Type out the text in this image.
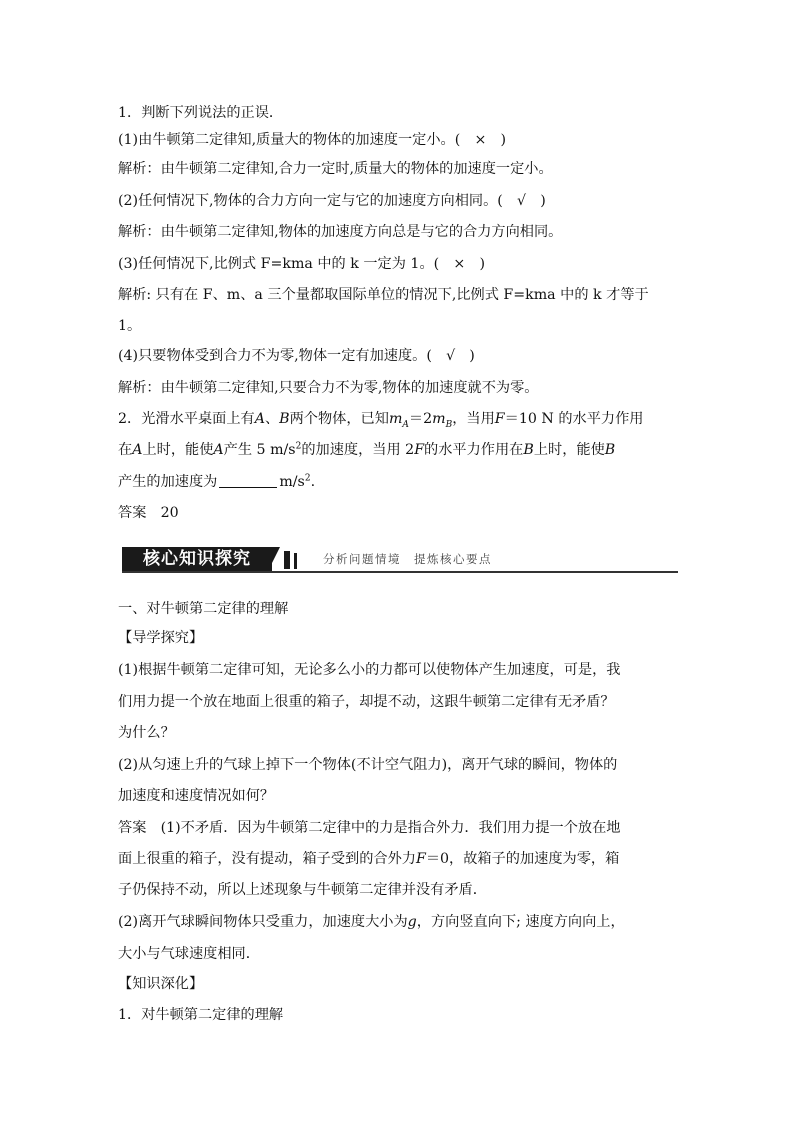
1．判断下列说法的正误．
(1)由牛顿第二定律知,质量大的物体的加速度一定小。(　×　)
解析：由牛顿第二定律知,合力一定时,质量大的物体的加速度一定小。
(2)任何情况下,物体的合力方向一定与它的加速度方向相同。(　√　)
解析：由牛顿第二定律知,物体的加速度方向总是与它的合力方向相同。
(3)任何情况下,比例式 F=kma 中的 k 一定为 1。(　×　)
解析: 只有在 F、m、a 三个量都取国际单位的情况下,比例式 F=kma 中的 k 才等于
1。
(4)只要物体受到合力不为零,物体一定有加速度。(　√　)
解析：由牛顿第二定律知,只要合力不为零,物体的加速度就不为零。
2．光滑水平桌面上有A、B两个物体，已知$m_A=2m_B$，当用F＝10 N 的水平力作用
在A上时，能使A产生 5 $m/s^2$的加速度，当用 2F的水平力作用在B上时，能使B
产生的加速度为	$m/s^2$.
答案　20
核心知识探究	分析问题情境　提炼核心要点
一、对牛顿第二定律的理解
【导学探究】
(1)根据牛顿第二定律可知，无论多么小的力都可以使物体产生加速度，可是，我
们用力提一个放在地面上很重的箱子，却提不动，这跟牛顿第二定律有无矛盾？
为什么？
(2)从匀速上升的气球上掉下一个物体(不计空气阻力)，离开气球的瞬间，物体的
加速度和速度情况如何？
答案　(1)不矛盾．因为牛顿第二定律中的力是指合外力．我们用力提一个放在地
面上很重的箱子，没有提动，箱子受到的合外力F＝0，故箱子的加速度为零，箱
子仍保持不动，所以上述现象与牛顿第二定律并没有矛盾．
(2)离开气球瞬间物体只受重力，加速度大小为g，方向竖直向下; 速度方向向上，
大小与气球速度相同．
【知识深化】
1．对牛顿第二定律的理解
